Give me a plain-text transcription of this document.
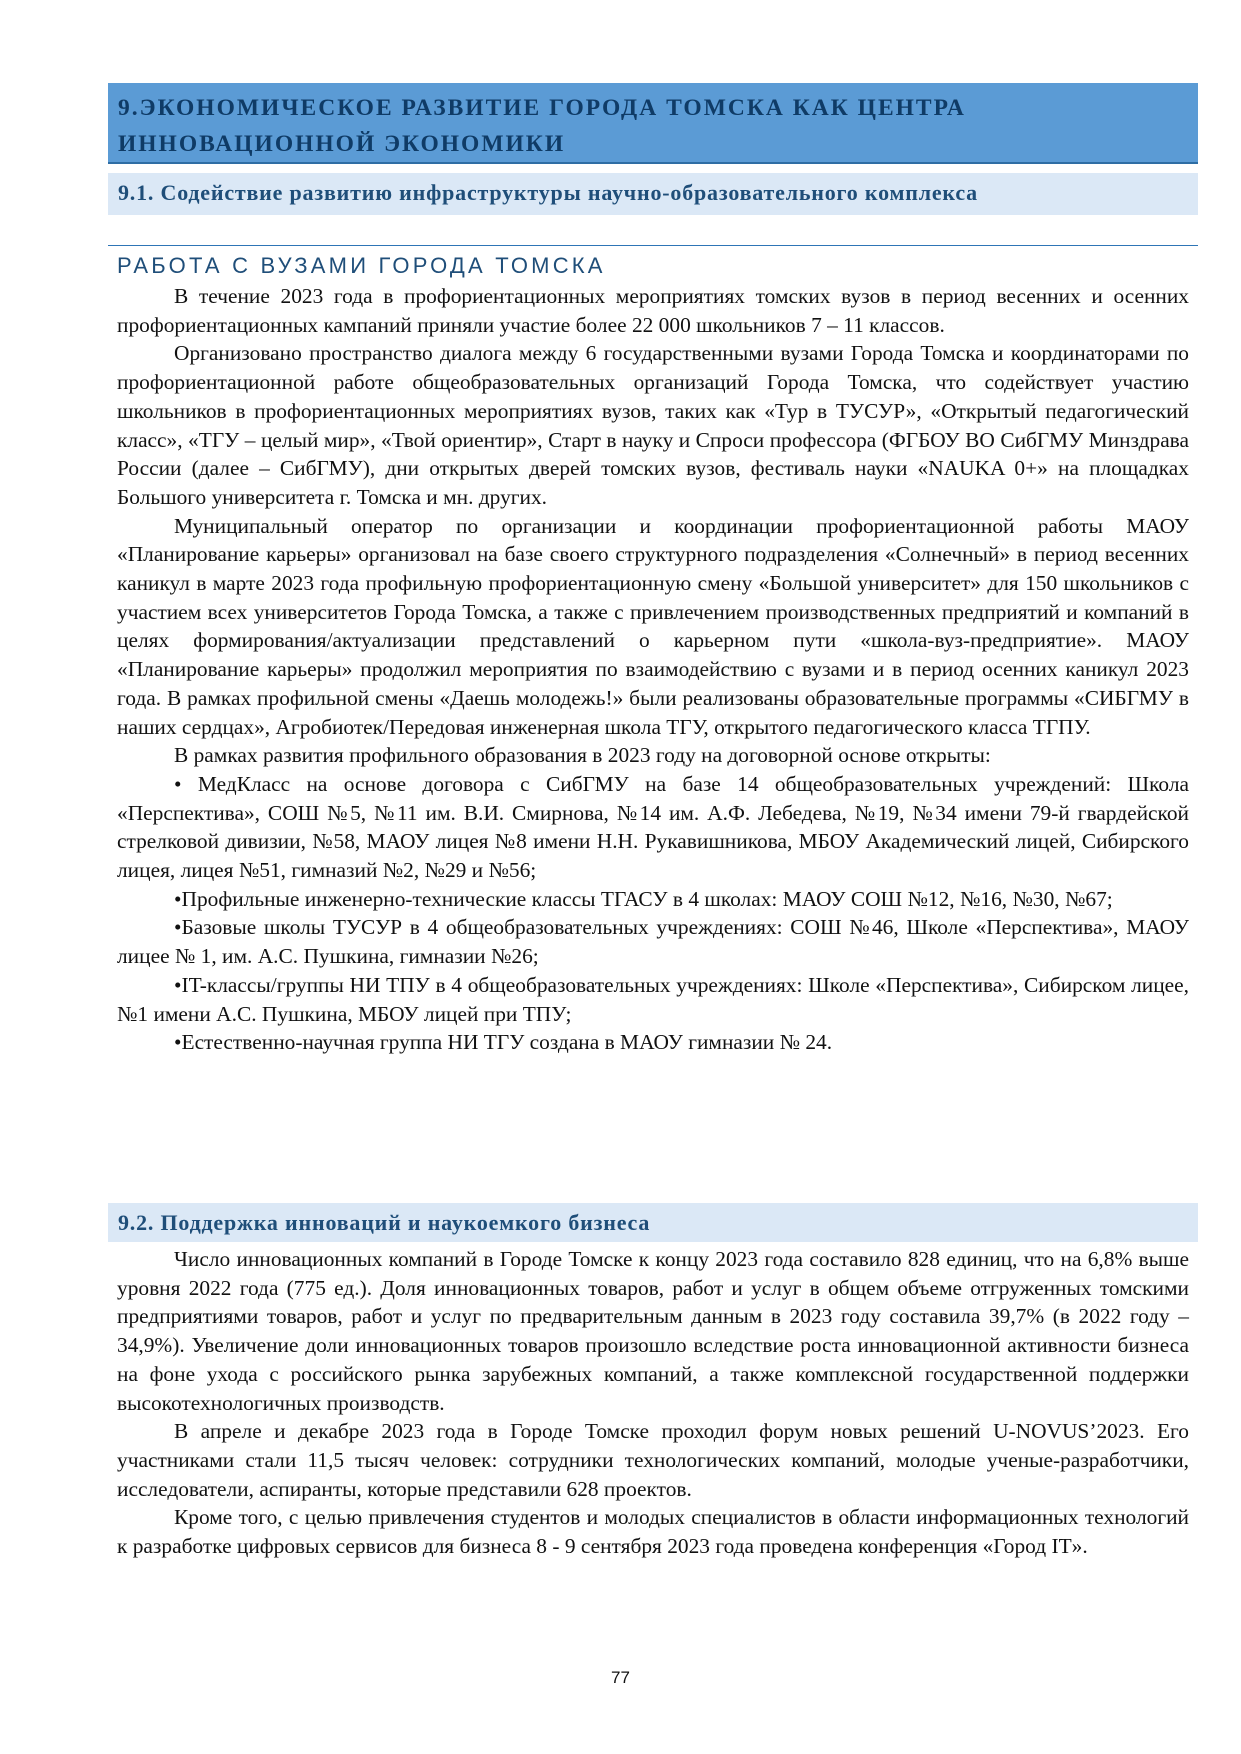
9.ЭКОНОМИЧЕСКОЕ РАЗВИТИЕ ГОРОДА ТОМСКА КАК ЦЕНТРА
ИННОВАЦИОННОЙ ЭКОНОМИКИ
9.1. Содействие развитию инфраструктуры научно-образовательного комплекса
РАБОТА С ВУЗАМИ ГОРОДА ТОМСКА

В течение 2023 года в профориентационных мероприятиях томских вузов в период весенних и осенних профориентационных кампаний приняли участие более 22 000 школьников 7 – 11 классов.

Организовано пространство диалога между 6 государственными вузами Города Томска и координаторами по профориентационной работе общеобразовательных организаций Города Томска, что содействует участию школьников в профориентационных мероприятиях вузов, таких как «Тур в ТУСУР», «Открытый педагогический класс», «ТГУ – целый мир», «Твой ориентир», Старт в науку и Спроси профессора (ФГБОУ ВО СибГМУ Минздрава России (далее – СибГМУ), дни открытых дверей томских вузов, фестиваль науки «NAUKA 0+» на площадках Большого университета г. Томска и мн. других.

Муниципальный оператор по организации и координации профориентационной работы МАОУ «Планирование карьеры» организовал на базе своего структурного подразделения «Солнечный» в период весенних каникул в марте 2023 года профильную профориентационную смену «Большой университет» для 150 школьников с участием всех университетов Города Томска, а также с привлечением производственных предприятий и компаний в целях формирования/актуализации представлений о карьерном пути «школа-вуз-предприятие». МАОУ «Планирование карьеры» продолжил мероприятия по взаимодействию с вузами и в период осенних каникул 2023 года. В рамках профильной смены «Даешь молодежь!» были реализованы образовательные программы «СИБГМУ в наших сердцах», Агробиотек/Передовая инженерная школа ТГУ, открытого педагогического класса ТГПУ.

В рамках развития профильного образования в 2023 году на договорной основе открыты:

• МедКласс на основе договора с СибГМУ на базе 14 общеобразовательных учреждений: Школа «Перспектива», СОШ №5, №11 им. В.И. Смирнова, №14 им. А.Ф. Лебедева, №19, №34 имени 79-й гвардейской стрелковой дивизии, №58, МАОУ лицея №8 имени Н.Н. Рукавишникова, МБОУ Академический лицей, Сибирского лицея, лицея №51, гимназий №2, №29 и №56;
•Профильные инженерно-технические классы ТГАСУ в 4 школах: МАОУ СОШ №12, №16, №30, №67;
•Базовые школы ТУСУР в 4 общеобразовательных учреждениях: СОШ №46, Школе «Перспектива», МАОУ лицее № 1, им. А.С. Пушкина, гимназии №26;
•IT-классы/группы НИ ТПУ в 4 общеобразовательных учреждениях: Школе «Перспектива», Сибирском лицее, №1 имени А.С. Пушкина, МБОУ лицей при ТПУ;
•Естественно-научная группа НИ ТГУ создана в МАОУ гимназии № 24.
9.2. Поддержка инноваций и наукоемкого бизнеса

Число инновационных компаний в Городе Томске к концу 2023 года составило 828 единиц, что на 6,8% выше уровня 2022 года (775 ед.). Доля инновационных товаров, работ и услуг в общем объеме отгруженных томскими предприятиями товаров, работ и услуг по предварительным данным в 2023 году составила 39,7% (в 2022 году – 34,9%). Увеличение доли инновационных товаров произошло вследствие роста инновационной активности бизнеса на фоне ухода с российского рынка зарубежных компаний, а также комплексной государственной поддержки высокотехнологичных производств.

В апреле и декабре 2023 года в Городе Томске проходил форум новых решений U-NOVUS’2023. Его участниками стали 11,5 тысяч человек: сотрудники технологических компаний, молодые ученые-разработчики, исследователи, аспиранты, которые представили 628 проектов.

Кроме того, с целью привлечения студентов и молодых специалистов в области информационных технологий к разработке цифровых сервисов для бизнеса 8 - 9 сентября 2023 года проведена конференция «Город IT».

77
